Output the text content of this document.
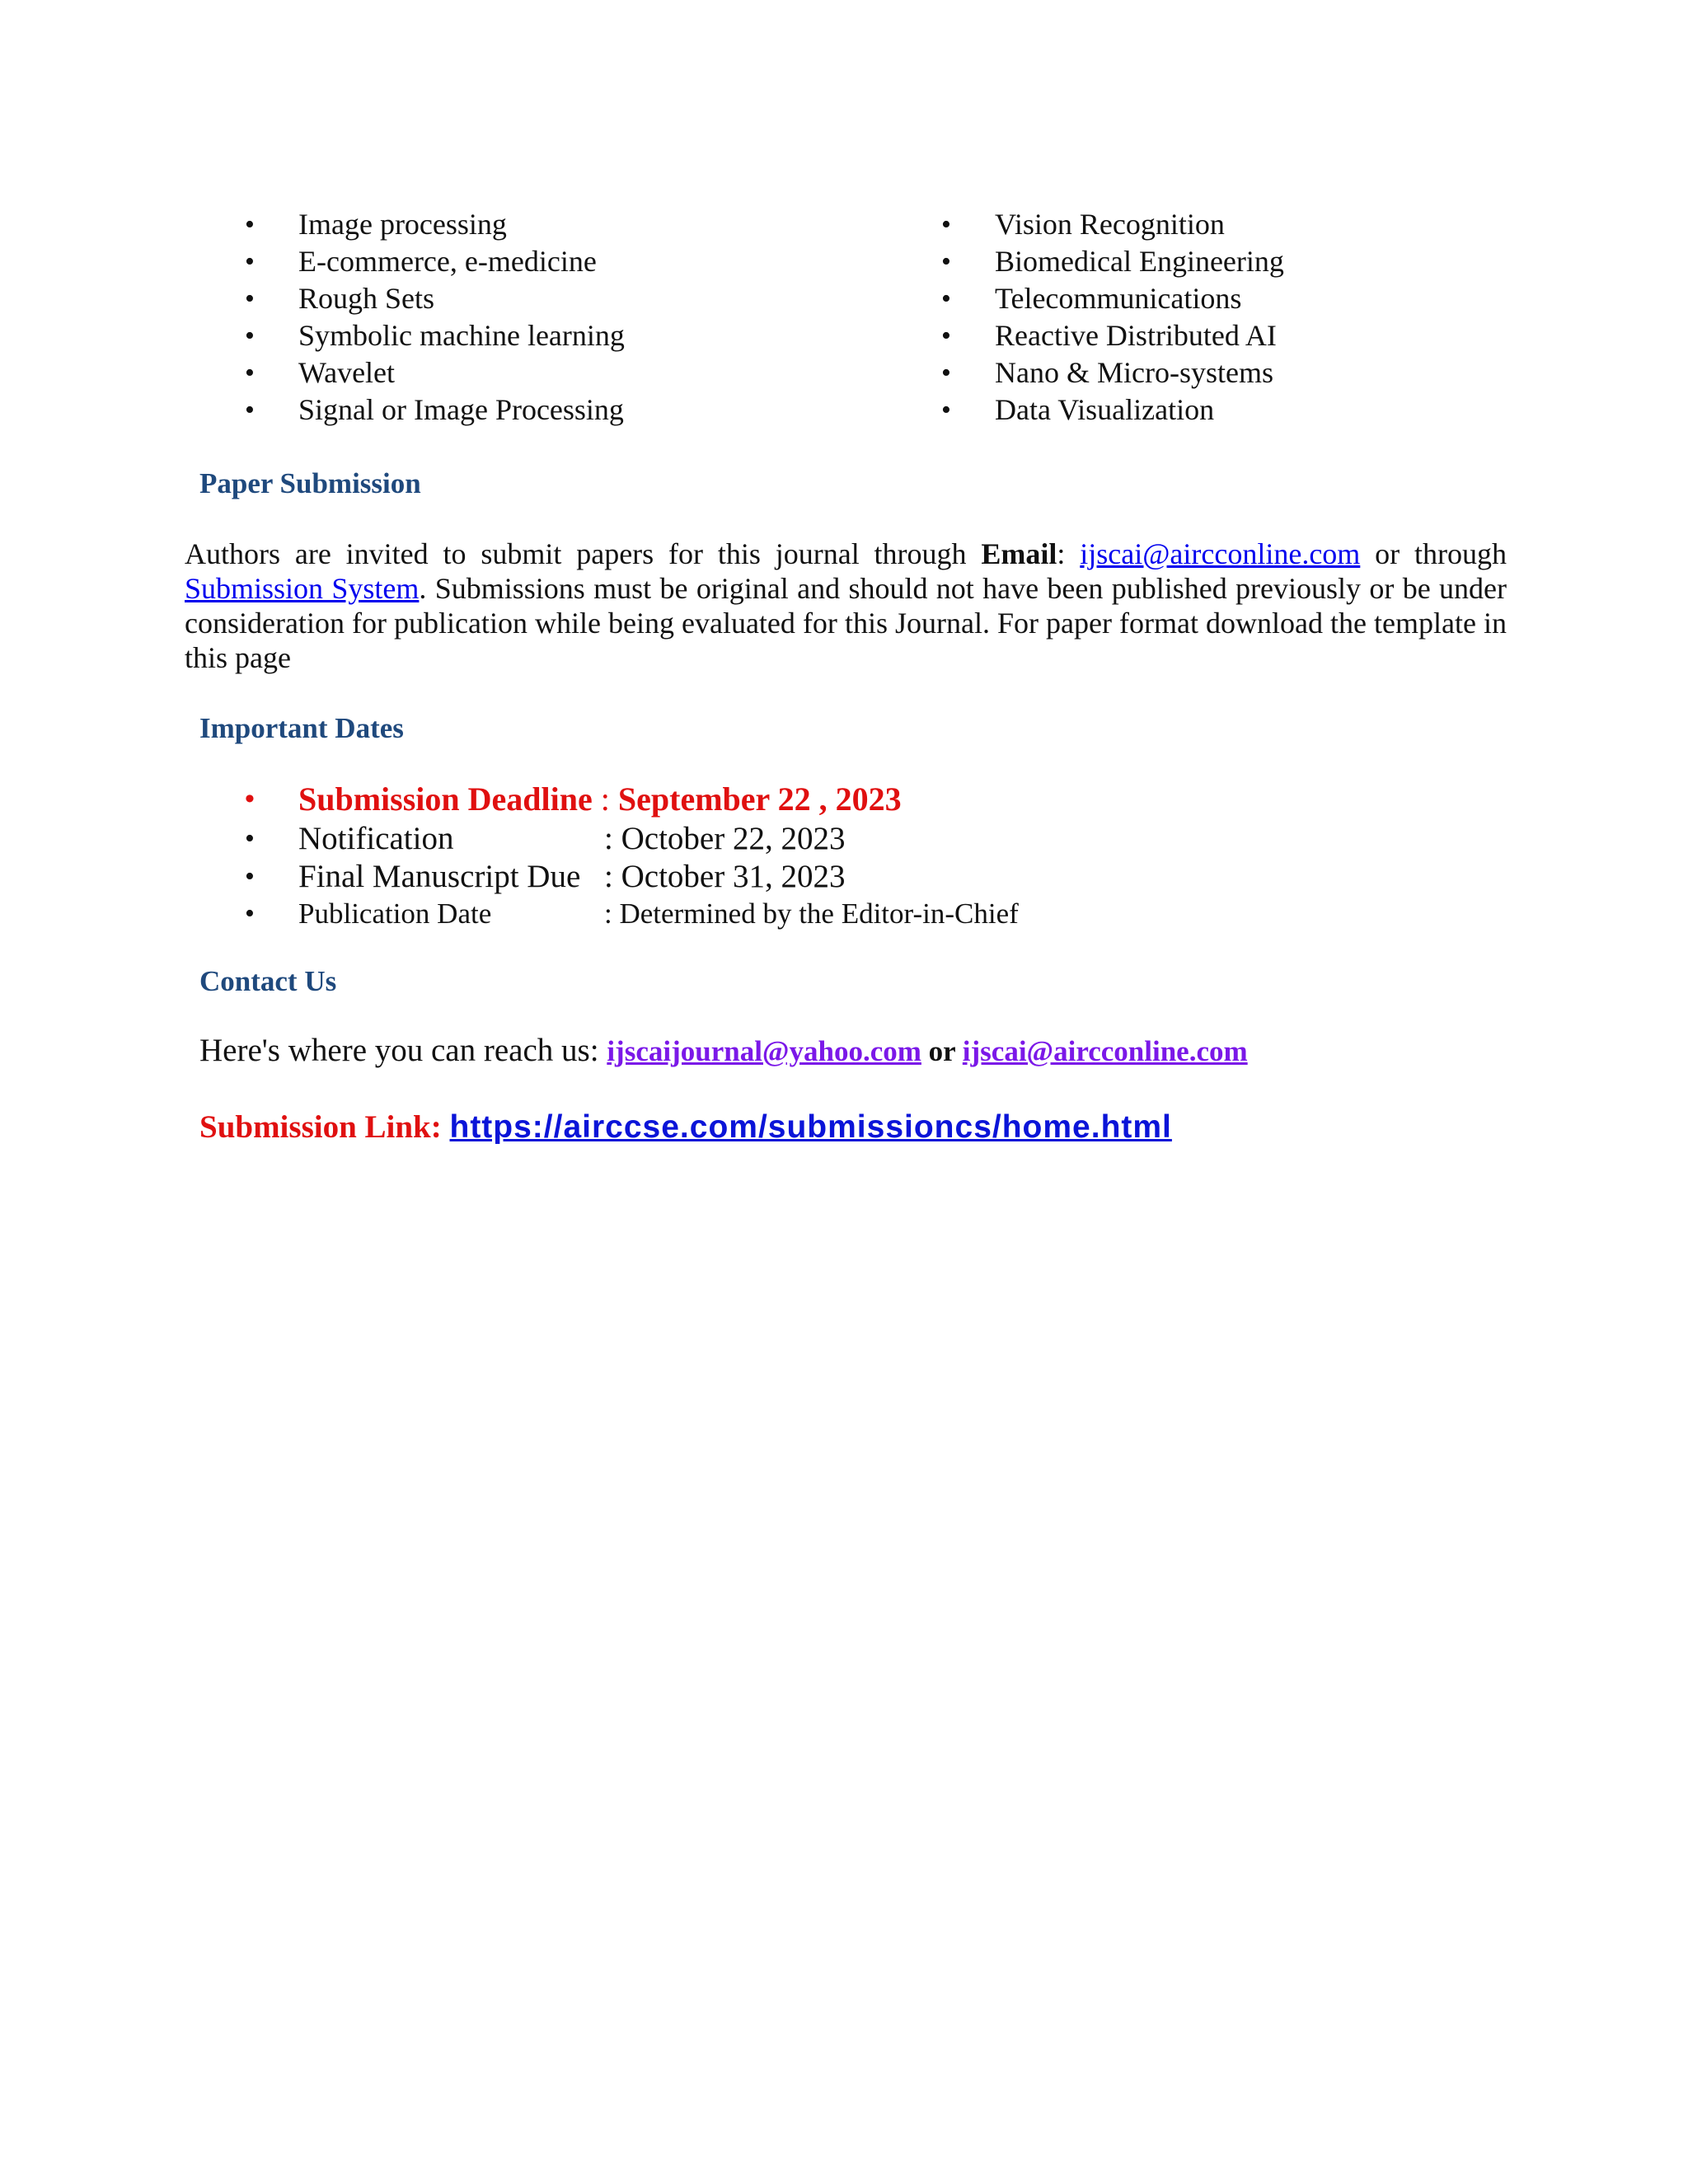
• Image processing
• E-commerce, e-medicine
• Rough Sets
• Symbolic machine learning
• Wavelet
• Signal or Image Processing
• Vision Recognition
• Biomedical Engineering
• Telecommunications
• Reactive Distributed AI
• Nano & Micro-systems
• Data Visualization
Paper Submission

Authors are invited to submit papers for this journal through Email: ijscai@aircconline.com or through Submission System. Submissions must be original and should not have been published previously or be under consideration for publication while being evaluated for this Journal. For paper format download the template in this page

Important Dates
• Submission Deadline : September 22 , 2023
• Notification	: October 22, 2023
• Final Manuscript Due : October 31, 2023
• Publication Date	: Determined by the Editor-in-Chief
Contact Us

Here's where you can reach us: ijscaijournal@yahoo.com or ijscai@aircconline.com

Submission Link: https://airccse.com/submissioncs/home.html
